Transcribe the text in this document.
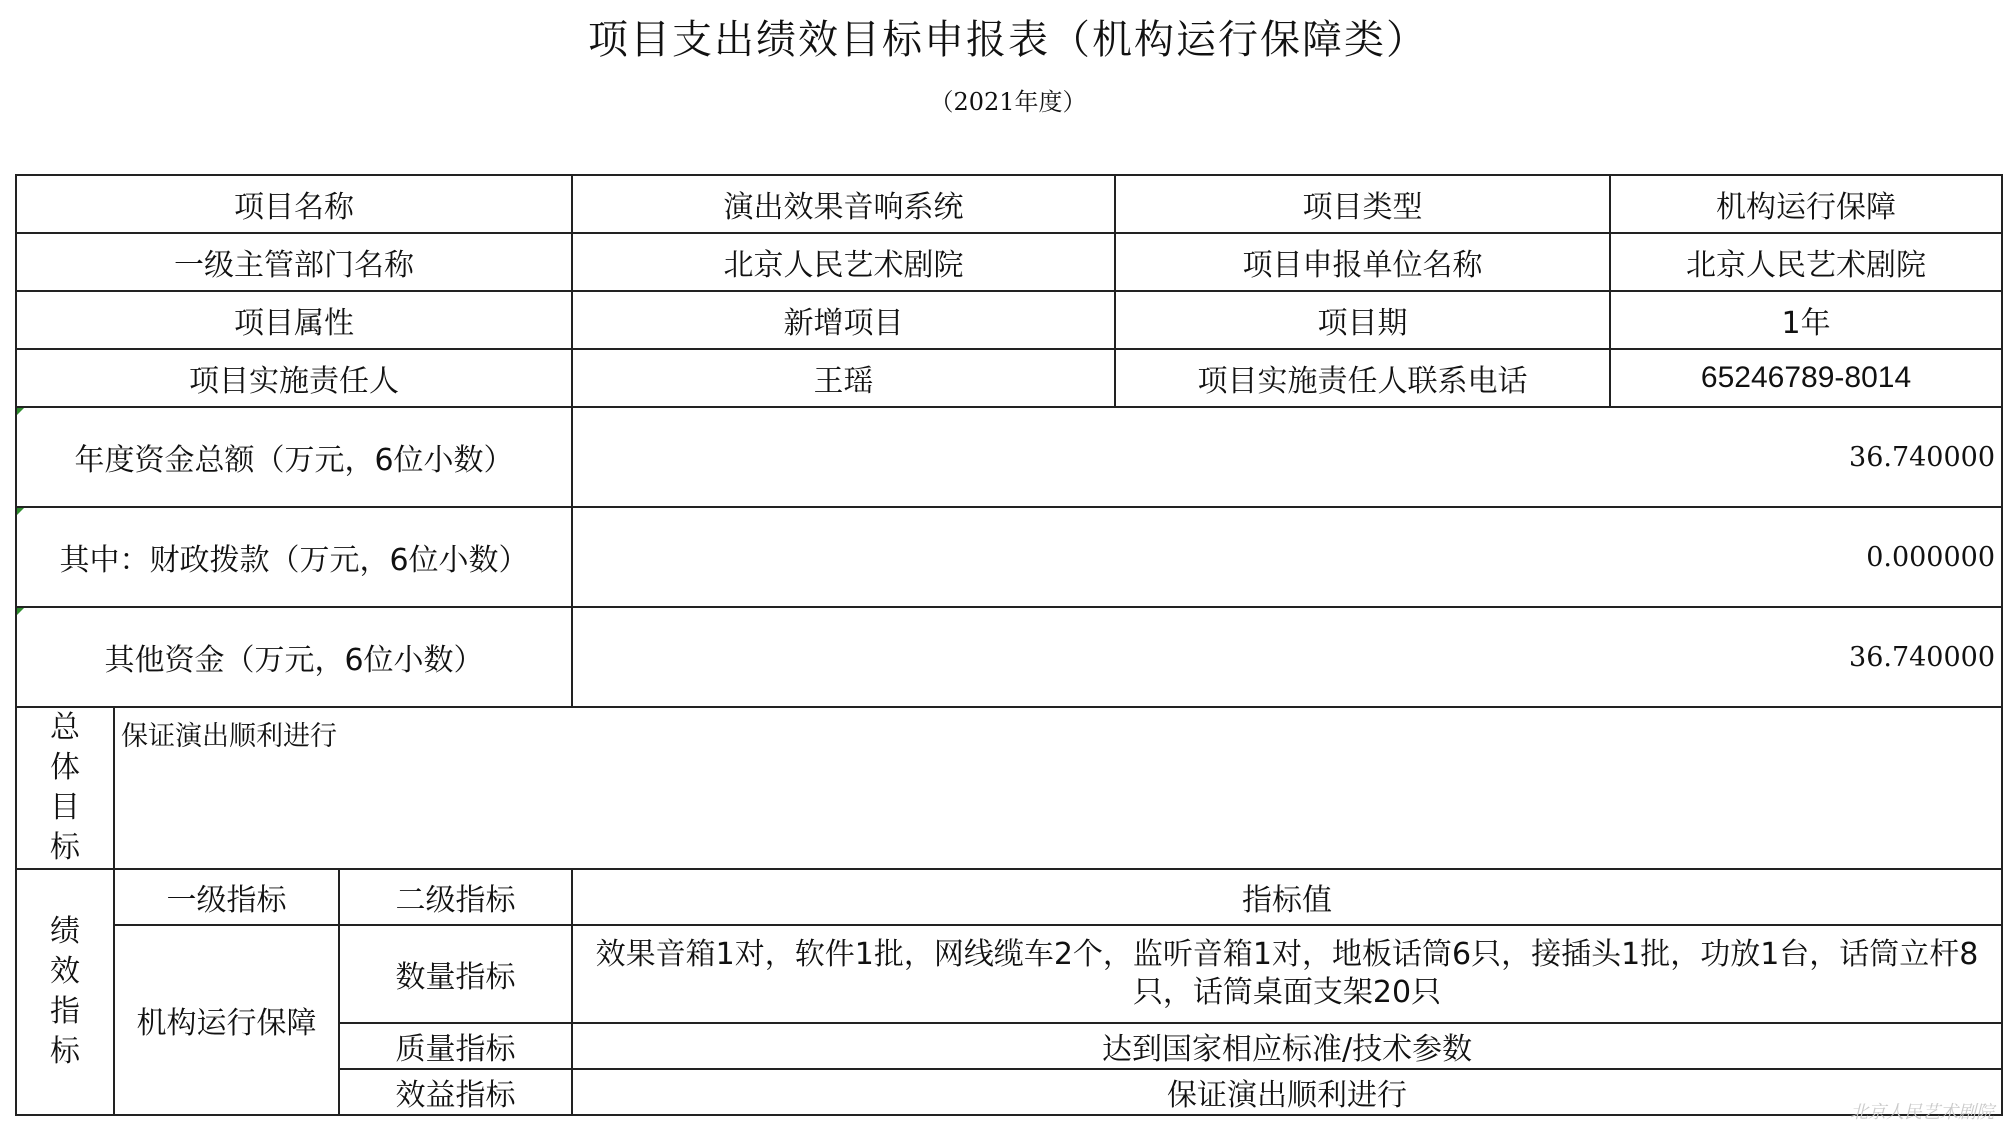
项目支出绩效目标申报表（机构运行保障类）
（2021年度）
项目名称			演出效果音响系统	项目类型	机构运行保障
一级主管部门名称			北京人民艺术剧院	项目申报单位名称	北京人民艺术剧院
项目属性			新增项目	项目期	1年
项目实施责任人			王瑶	项目实施责任人联系电话	65246789-8014
年度资金总额（万元，6位小数）			36.740000		
其中：财政拨款（万元，6位小数）			0.000000		
其他资金（万元，6位小数）			36.740000		

总
体
目
标	保证演出顺利进行				

绩
效
指
标	一级指标	二级指标	指标值		
	机构运行保障	数量指标	效果音箱1对，软件1批，网线缆车2个，监听音箱1对，地板话筒6只，接插头1批，功放1台，话筒立杆8只，话筒桌面支架20只		
		质量指标	达到国家相应标准/技术参数		
		效益指标	保证演出顺利进行			北京人民艺术剧院
